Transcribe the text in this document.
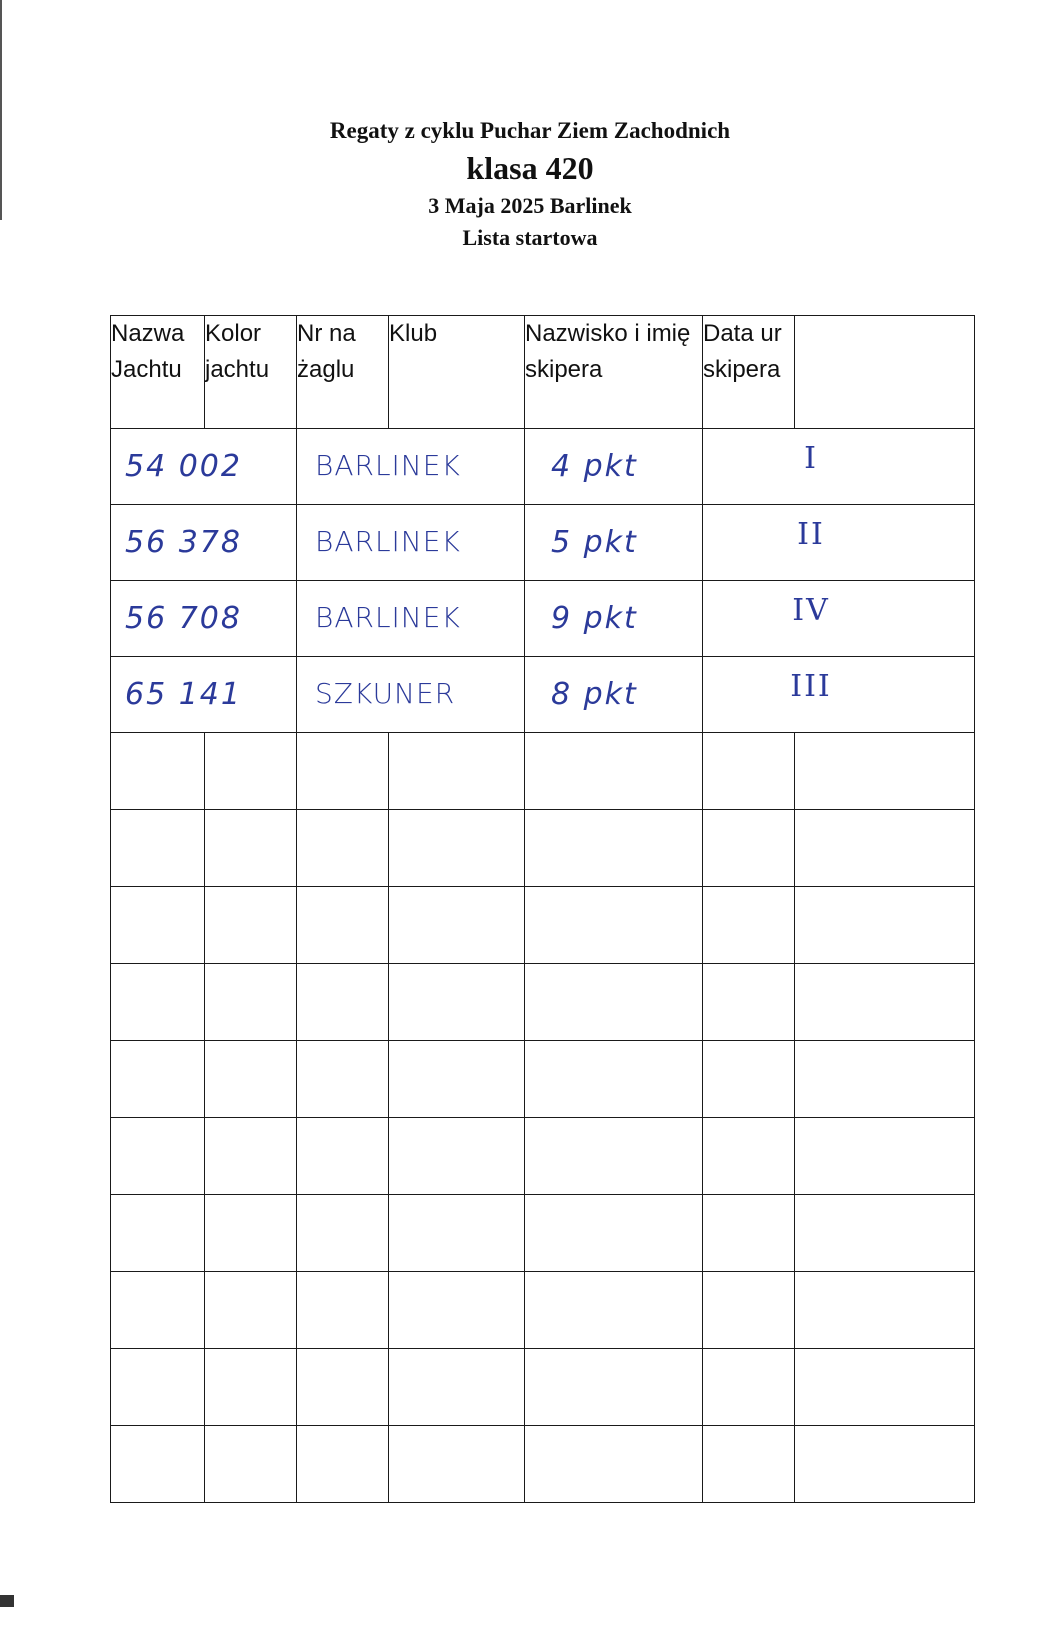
Regaty z cyklu Puchar Ziem Zachodnich
klasa 420
3 Maja 2025 Barlinek
Lista startowa
Nazwa Jachtu	Kolor jachtu	Nr na żaglu	Klub	Nazwisko i imię skipera	Data ur skipera	
54 002		BARLINEK		4 pkt	I	

56 378		BARLINEK		5 pkt	II	

56 708		BARLINEK		9 pkt	IV	

65 141		SZKUNER		8 pkt	III	
